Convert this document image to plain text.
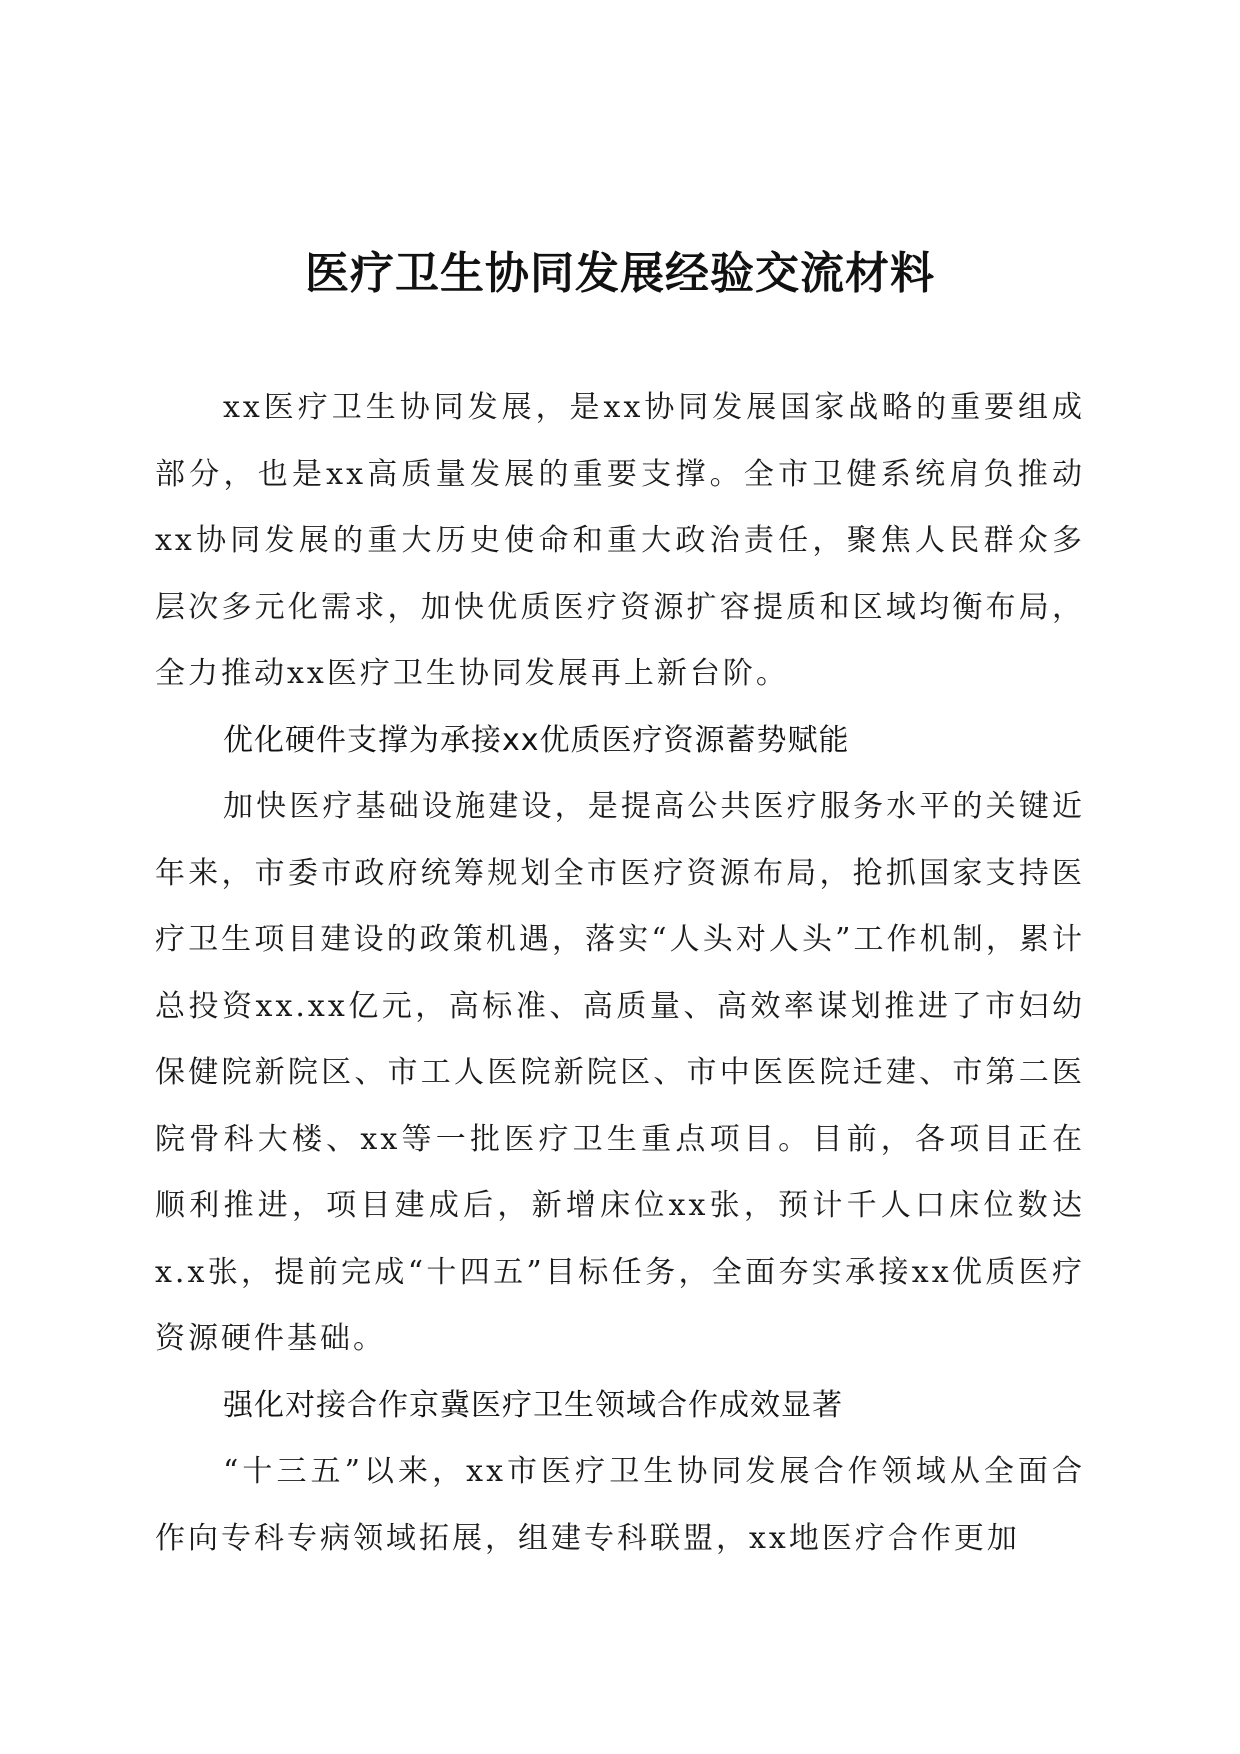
医疗卫生协同发展经验交流材料

xx医疗卫生协同发展，是xx协同发展国家战略的重要组成部分，也是xx高质量发展的重要支撑。全市卫健系统肩负推动xx协同发展的重大历史使命和重大政治责任，聚焦人民群众多层次多元化需求，加快优质医疗资源扩容提质和区域均衡布局，全力推动xx医疗卫生协同发展再上新台阶。

优化硬件支撑为承接xx优质医疗资源蓄势赋能

加快医疗基础设施建设，是提高公共医疗服务水平的关键近年来，市委市政府统筹规划全市医疗资源布局，抢抓国家支持医疗卫生项目建设的政策机遇，落实“人头对人头”工作机制，累计总投资xx.xx亿元，高标准、高质量、高效率谋划推进了市妇幼保健院新院区、市工人医院新院区、市中医医院迁建、市第二医院骨科大楼、xx等一批医疗卫生重点项目。目前，各项目正在顺利推进，项目建成后，新增床位xx张，预计千人口床位数达x.x张，提前完成“十四五”目标任务，全面夯实承接xx优质医疗资源硬件基础。

强化对接合作京冀医疗卫生领域合作成效显著

“十三五”以来，xx市医疗卫生协同发展合作领域从全面合作向专科专病领域拓展，组建专科联盟，xx地医疗合作更加
